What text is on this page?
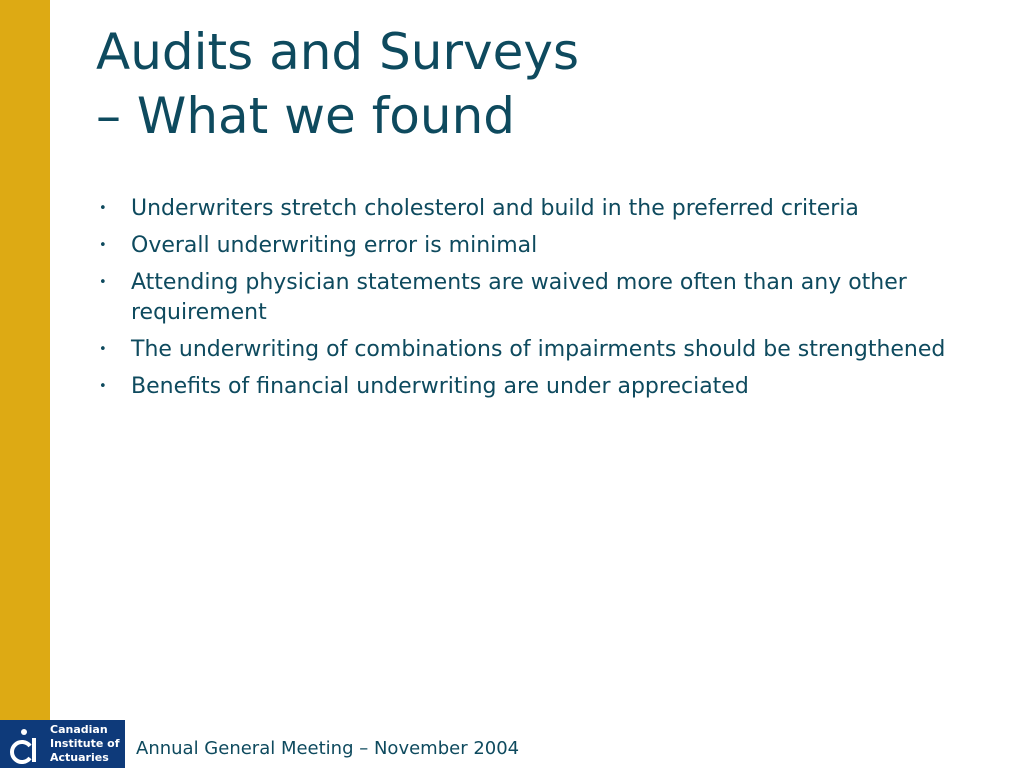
Audits and Surveys
– What we found
• Underwriters stretch cholesterol and build in the preferred criteria
• Overall underwriting error is minimal
• Attending physician statements are waived more often than any other requirement
• The underwriting of combinations of impairments should be strengthened
• Benefits of financial underwriting are under appreciated
Canadian
Institute of
Actuaries	Annual General Meeting – November 2004
